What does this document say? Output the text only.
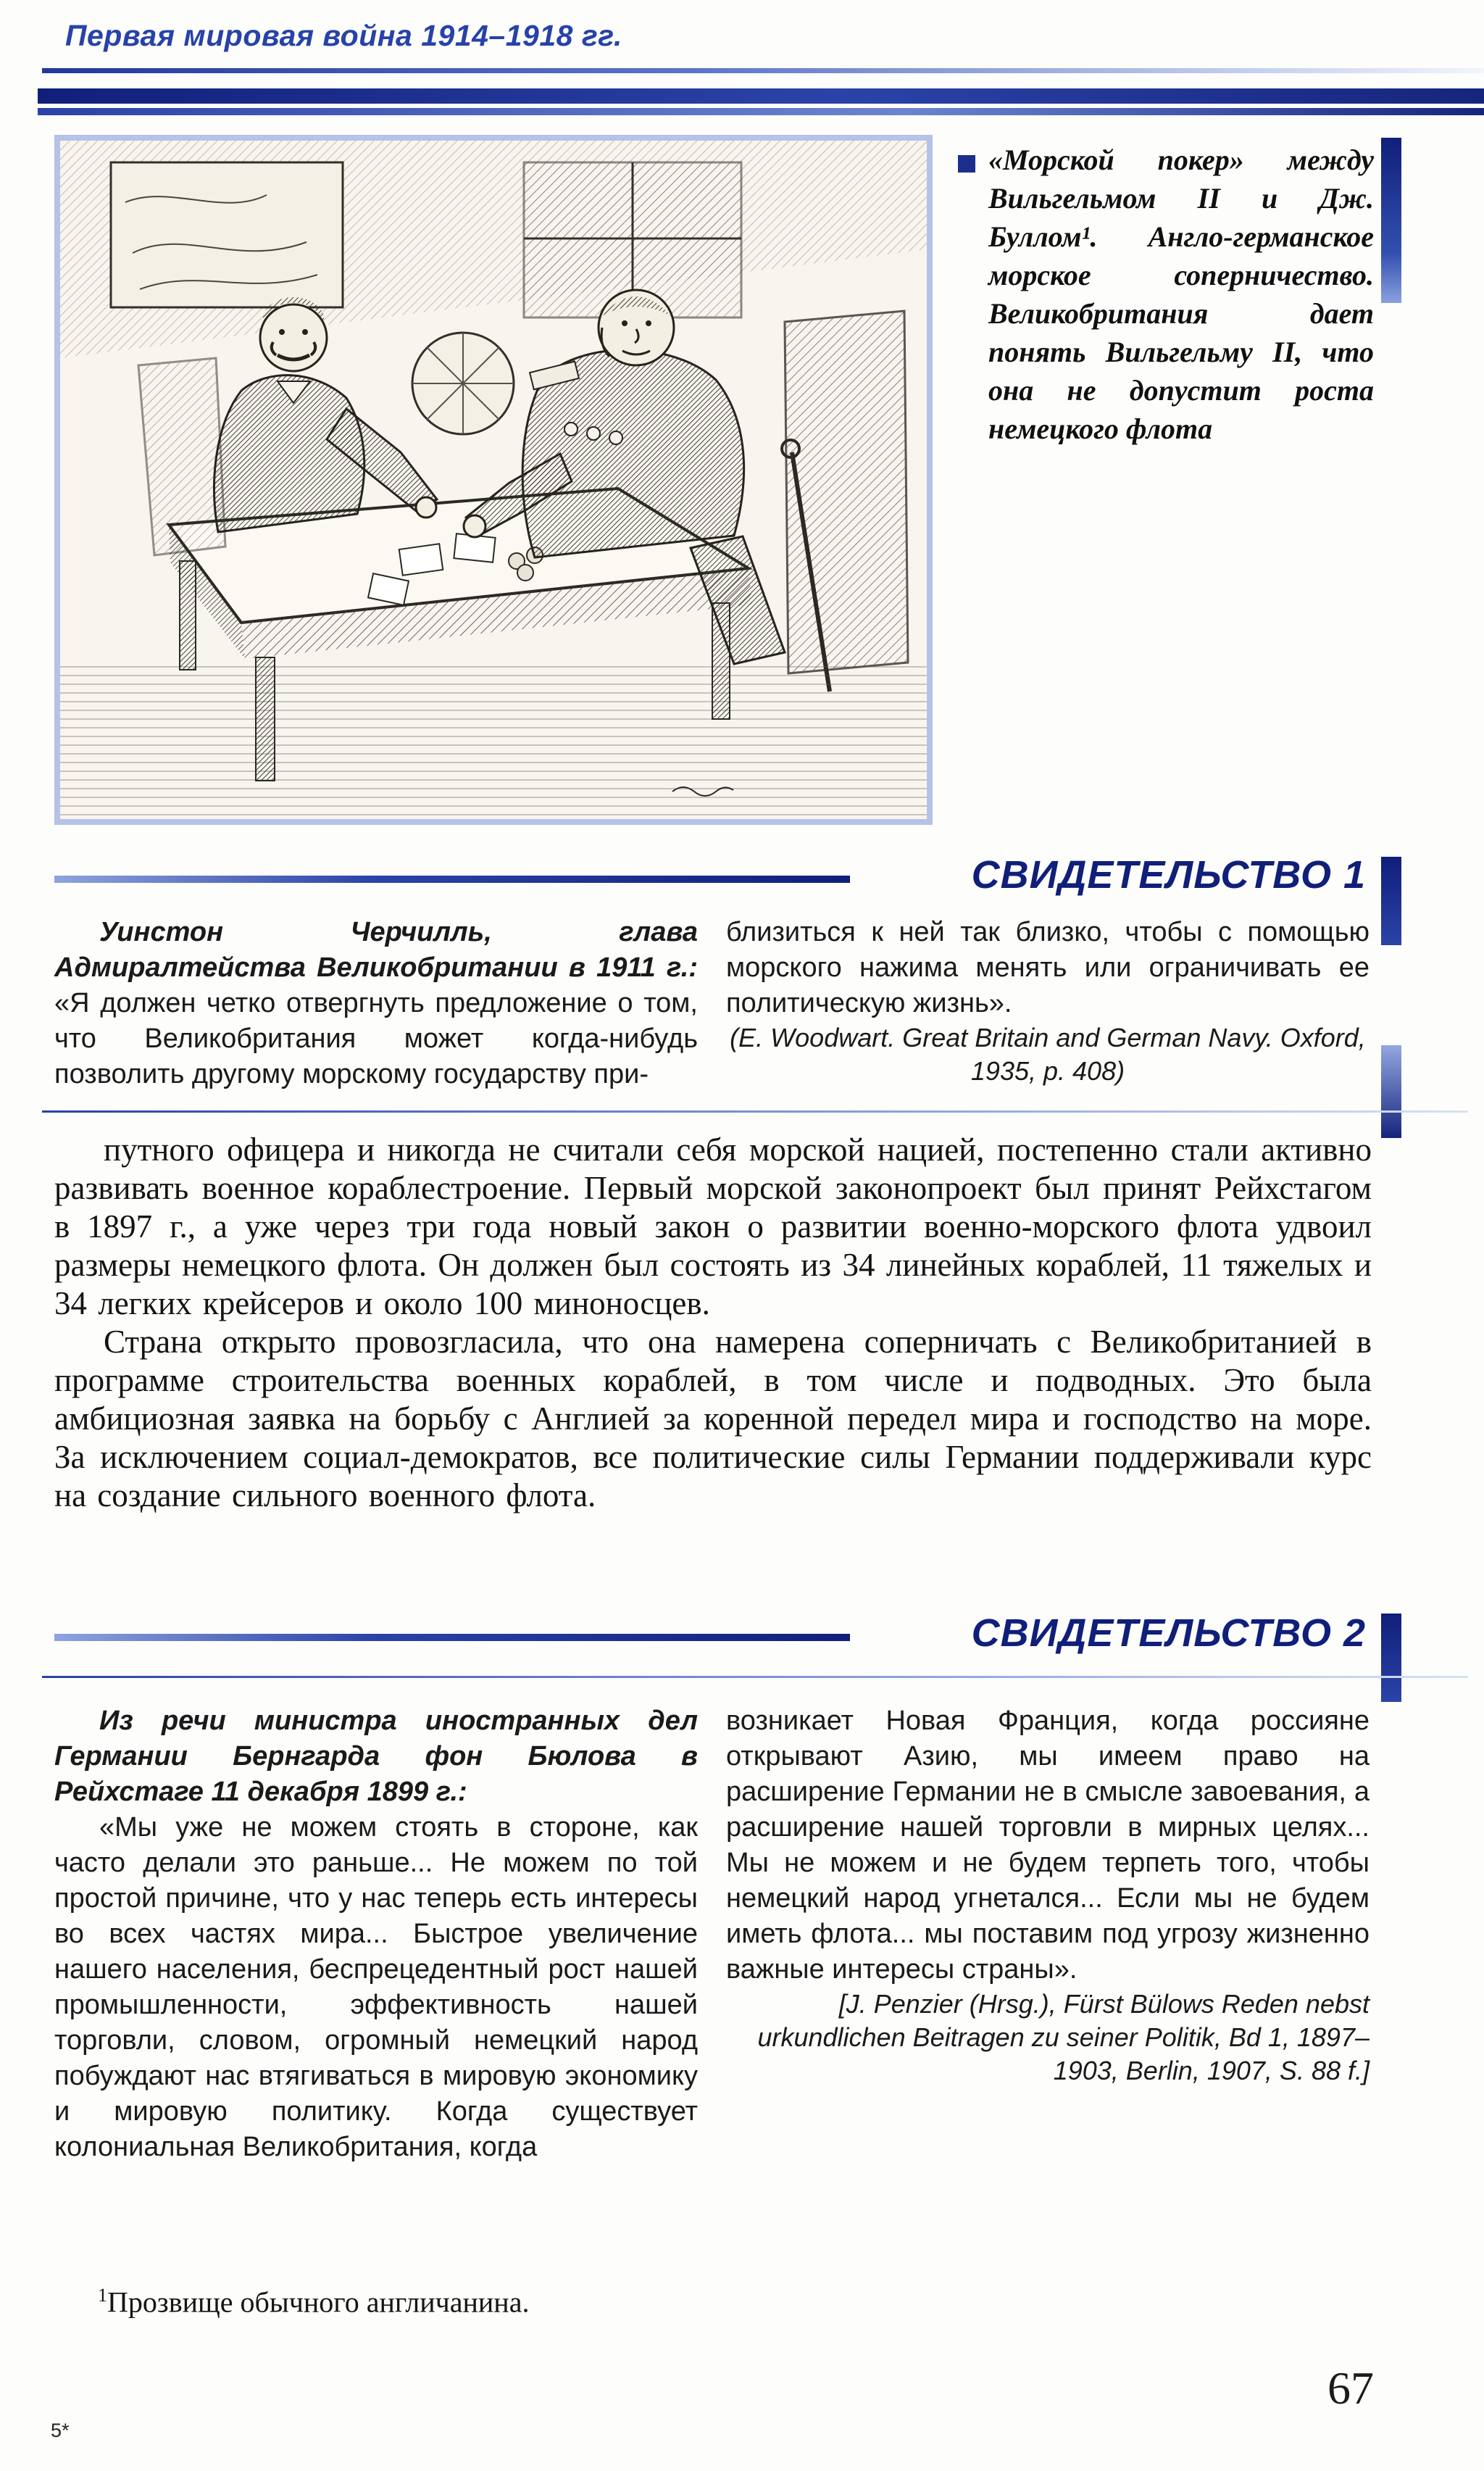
Первая мировая война 1914–1918 гг.
«Морской покер» между Вильгельмом II и Дж. Буллом¹. Англо-германское морское соперничество. Великобритания дает понять Вильгельму II, что она не допустит роста немецкого флота
СВИДЕТЕЛЬСТВО 1

Уинстон Черчилль, глава Адмиралтейства Великобритании в 1911 г.: «Я должен четко отвергнуть предложение о том, что Великобритания может когда-нибудь позволить другому морскому государству при-

близиться к ней так близко, чтобы с помощью морского нажима менять или ограничивать ее политическую жизнь».

(E. Woodwart. Great Britain and German Navy. Oxford, 1935, p. 408)

путного офицера и никогда не считали себя морской нацией, постепенно стали активно развивать военное кораблестроение. Первый морской законопроект был принят Рейхстагом в 1897 г., а уже через три года новый закон о развитии военно-морского флота удвоил размеры немецкого флота. Он должен был состоять из 34 линейных кораблей, 11 тяжелых и 34 легких крейсеров и около 100 миноносцев.

Страна открыто провозгласила, что она намерена соперничать с Великобританией в программе строительства военных кораблей, в том числе и подводных. Это была амбициозная заявка на борьбу с Англией за коренной передел мира и господство на море. За исключением социал-демократов, все политические силы Германии поддерживали курс на создание сильного военного флота.

СВИДЕТЕЛЬСТВО 2

Из речи министра иностранных дел Германии Бернгарда фон Бюлова в Рейхстаге 11 декабря 1899 г.:

«Мы уже не можем стоять в стороне, как часто делали это раньше... Не можем по той простой причине, что у нас теперь есть интересы во всех частях мира... Быстрое увеличение нашего населения, беспрецедентный рост нашей промышленности, эффективность нашей торговли, словом, огромный немецкий народ побуждают нас втягиваться в мировую экономику и мировую политику. Когда существует колониальная Великобритания, когда

возникает Новая Франция, когда россияне открывают Азию, мы имеем право на расширение Германии не в смысле завоевания, а расширение нашей торговли в мирных целях... Мы не можем и не будем терпеть того, чтобы немецкий народ угнетался... Если мы не будем иметь флота... мы поставим под угрозу жизненно важные интересы страны».

[J. Penzier (Hrsg.), Fürst Bülows Reden nebst urkundlichen Beitragen zu seiner Politik, Bd 1, 1897–1903, Berlin, 1907, S. 88 f.]

$^1$Прозвище обычного англичанина.

5*
67
